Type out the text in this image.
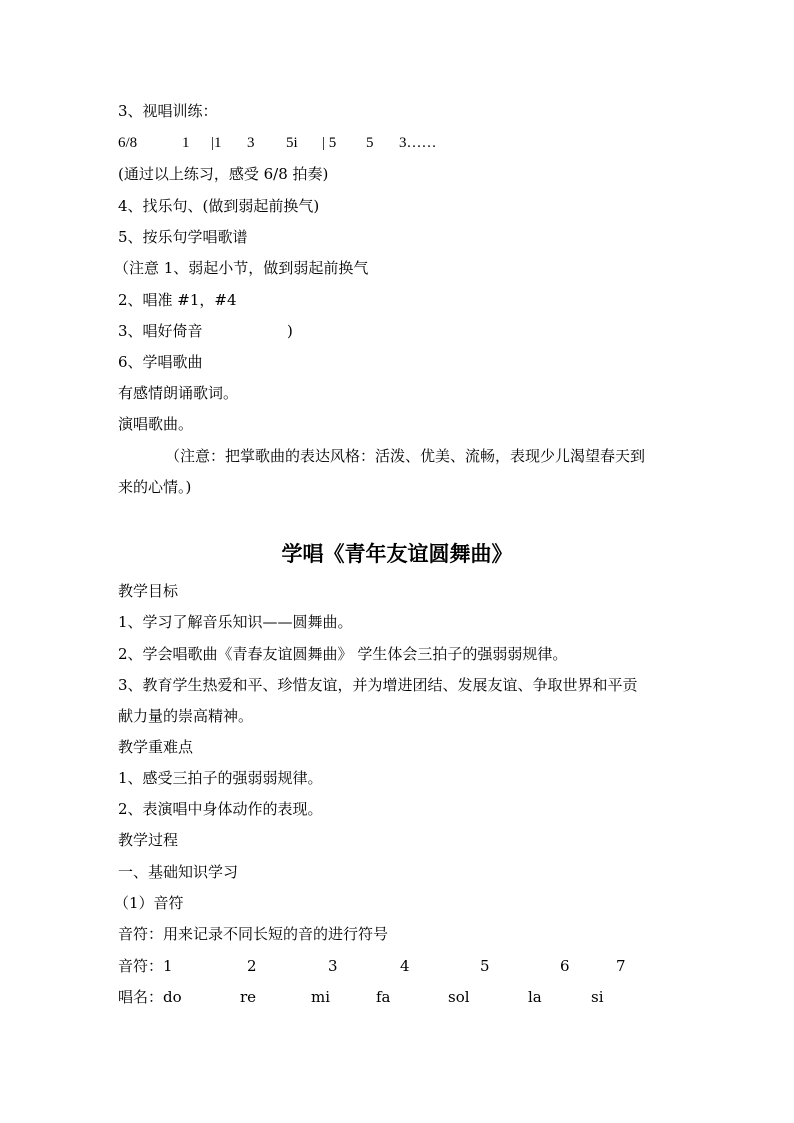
3、视唱训练：
6/8	1 |1 3 5i | 5 5 3……
(通过以上练习，感受 6/8 拍奏)
4、找乐句、(做到弱起前换气)
5、按乐句学唱歌谱
（注意 1、弱起小节，做到弱起前换气
2、唱准 #1，#4
3、唱好倚音	)
6、学唱歌曲
有感情朗诵歌词。
演唱歌曲。
（注意：把掌歌曲的表达风格：活泼、优美、流畅，表现少儿渴望春天到
来的心情。)
学唱《青年友谊圆舞曲》
教学目标
1、学习了解音乐知识——圆舞曲。
2、学会唱歌曲《青春友谊圆舞曲》 学生体会三拍子的强弱弱规律。
3、教育学生热爱和平、珍惜友谊，并为增进团结、发展友谊、争取世界和平贡
献力量的崇高精神。
教学重难点
1、感受三拍子的强弱弱规律。
2、表演唱中身体动作的表现。
教学过程
一、基础知识学习
（1）音符
音符：用来记录不同长短的音的进行符号
音符：1	2	3	4	5	6	7
唱名：do	re	mi	fa	sol	la	si
